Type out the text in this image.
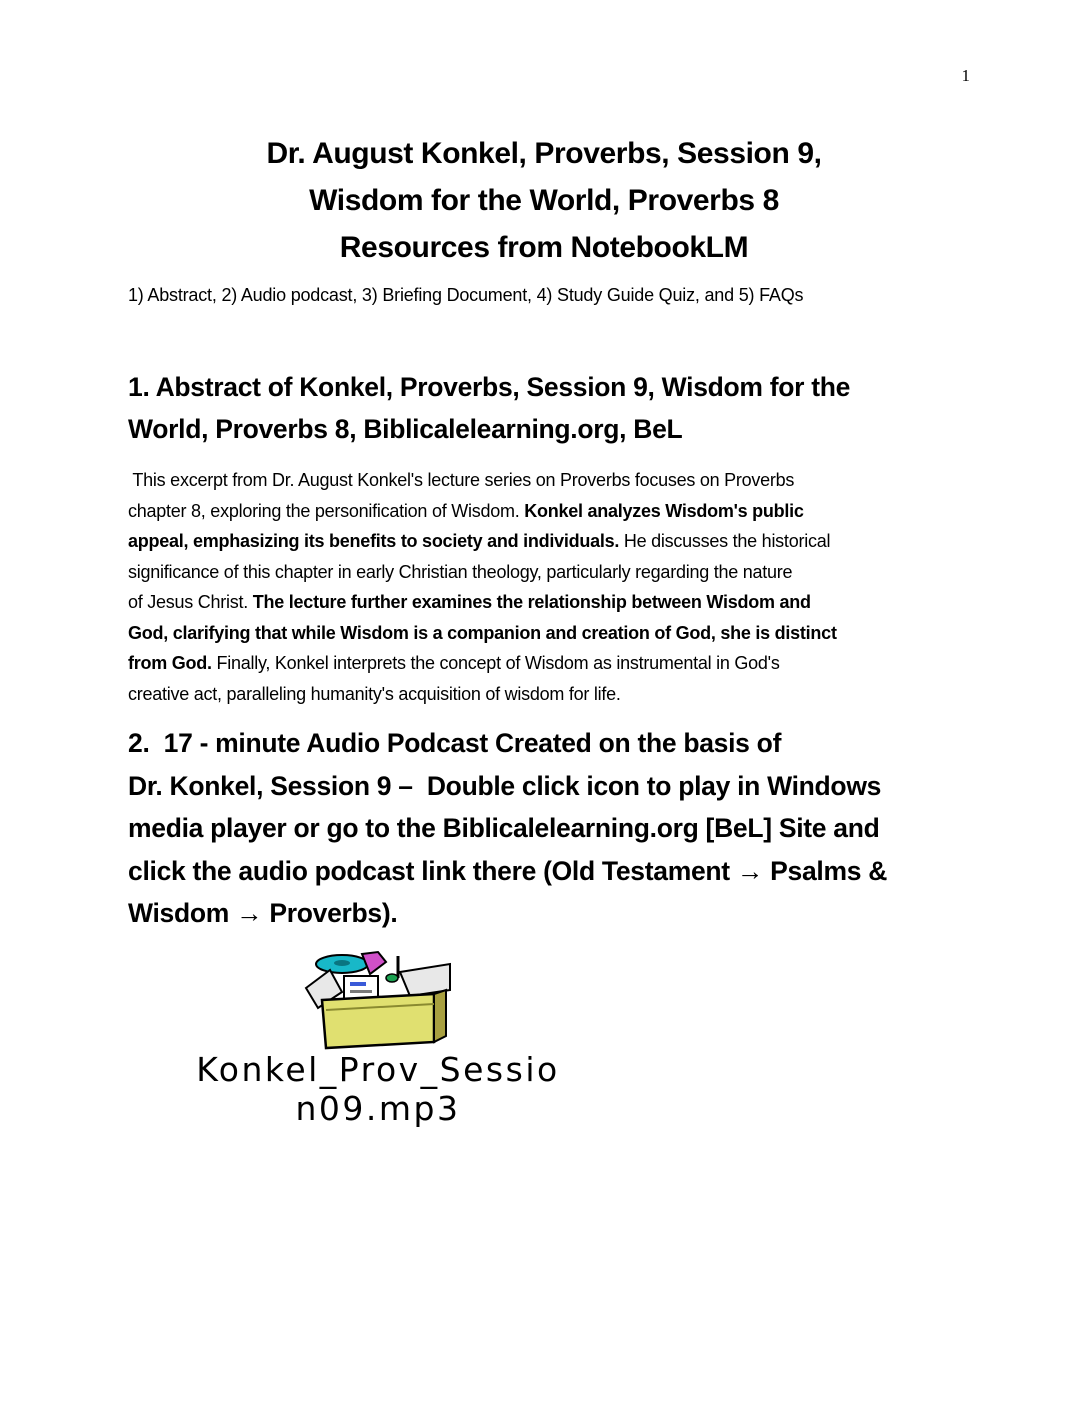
1
Dr. August Konkel, Proverbs, Session 9,
Wisdom for the World, Proverbs 8
Resources from NotebookLM
1) Abstract, 2) Audio podcast, 3) Briefing Document, 4) Study Guide Quiz, and 5) FAQs
1. Abstract of Konkel, Proverbs, Session 9, Wisdom for the
World, Proverbs 8, Biblicalelearning.org, BeL
This excerpt from Dr. August Konkel's lecture series on Proverbs focuses on Proverbs
chapter 8, exploring the personification of Wisdom. Konkel analyzes Wisdom's public
appeal, emphasizing its benefits to society and individuals. He discusses the historical
significance of this chapter in early Christian theology, particularly regarding the nature
of Jesus Christ. The lecture further examines the relationship between Wisdom and
God, clarifying that while Wisdom is a companion and creation of God, she is distinct
from God. Finally, Konkel interprets the concept of Wisdom as instrumental in God's
creative act, paralleling humanity's acquisition of wisdom for life.
2.  17 - minute Audio Podcast Created on the basis of
Dr. Konkel, Session 9 –  Double click icon to play in Windows
media player or go to the Biblicalelearning.org [BeL] Site and
click the audio podcast link there (Old Testament → Psalms &
Wisdom → Proverbs).
Konkel_Prov_Sessio
n09.mp3
